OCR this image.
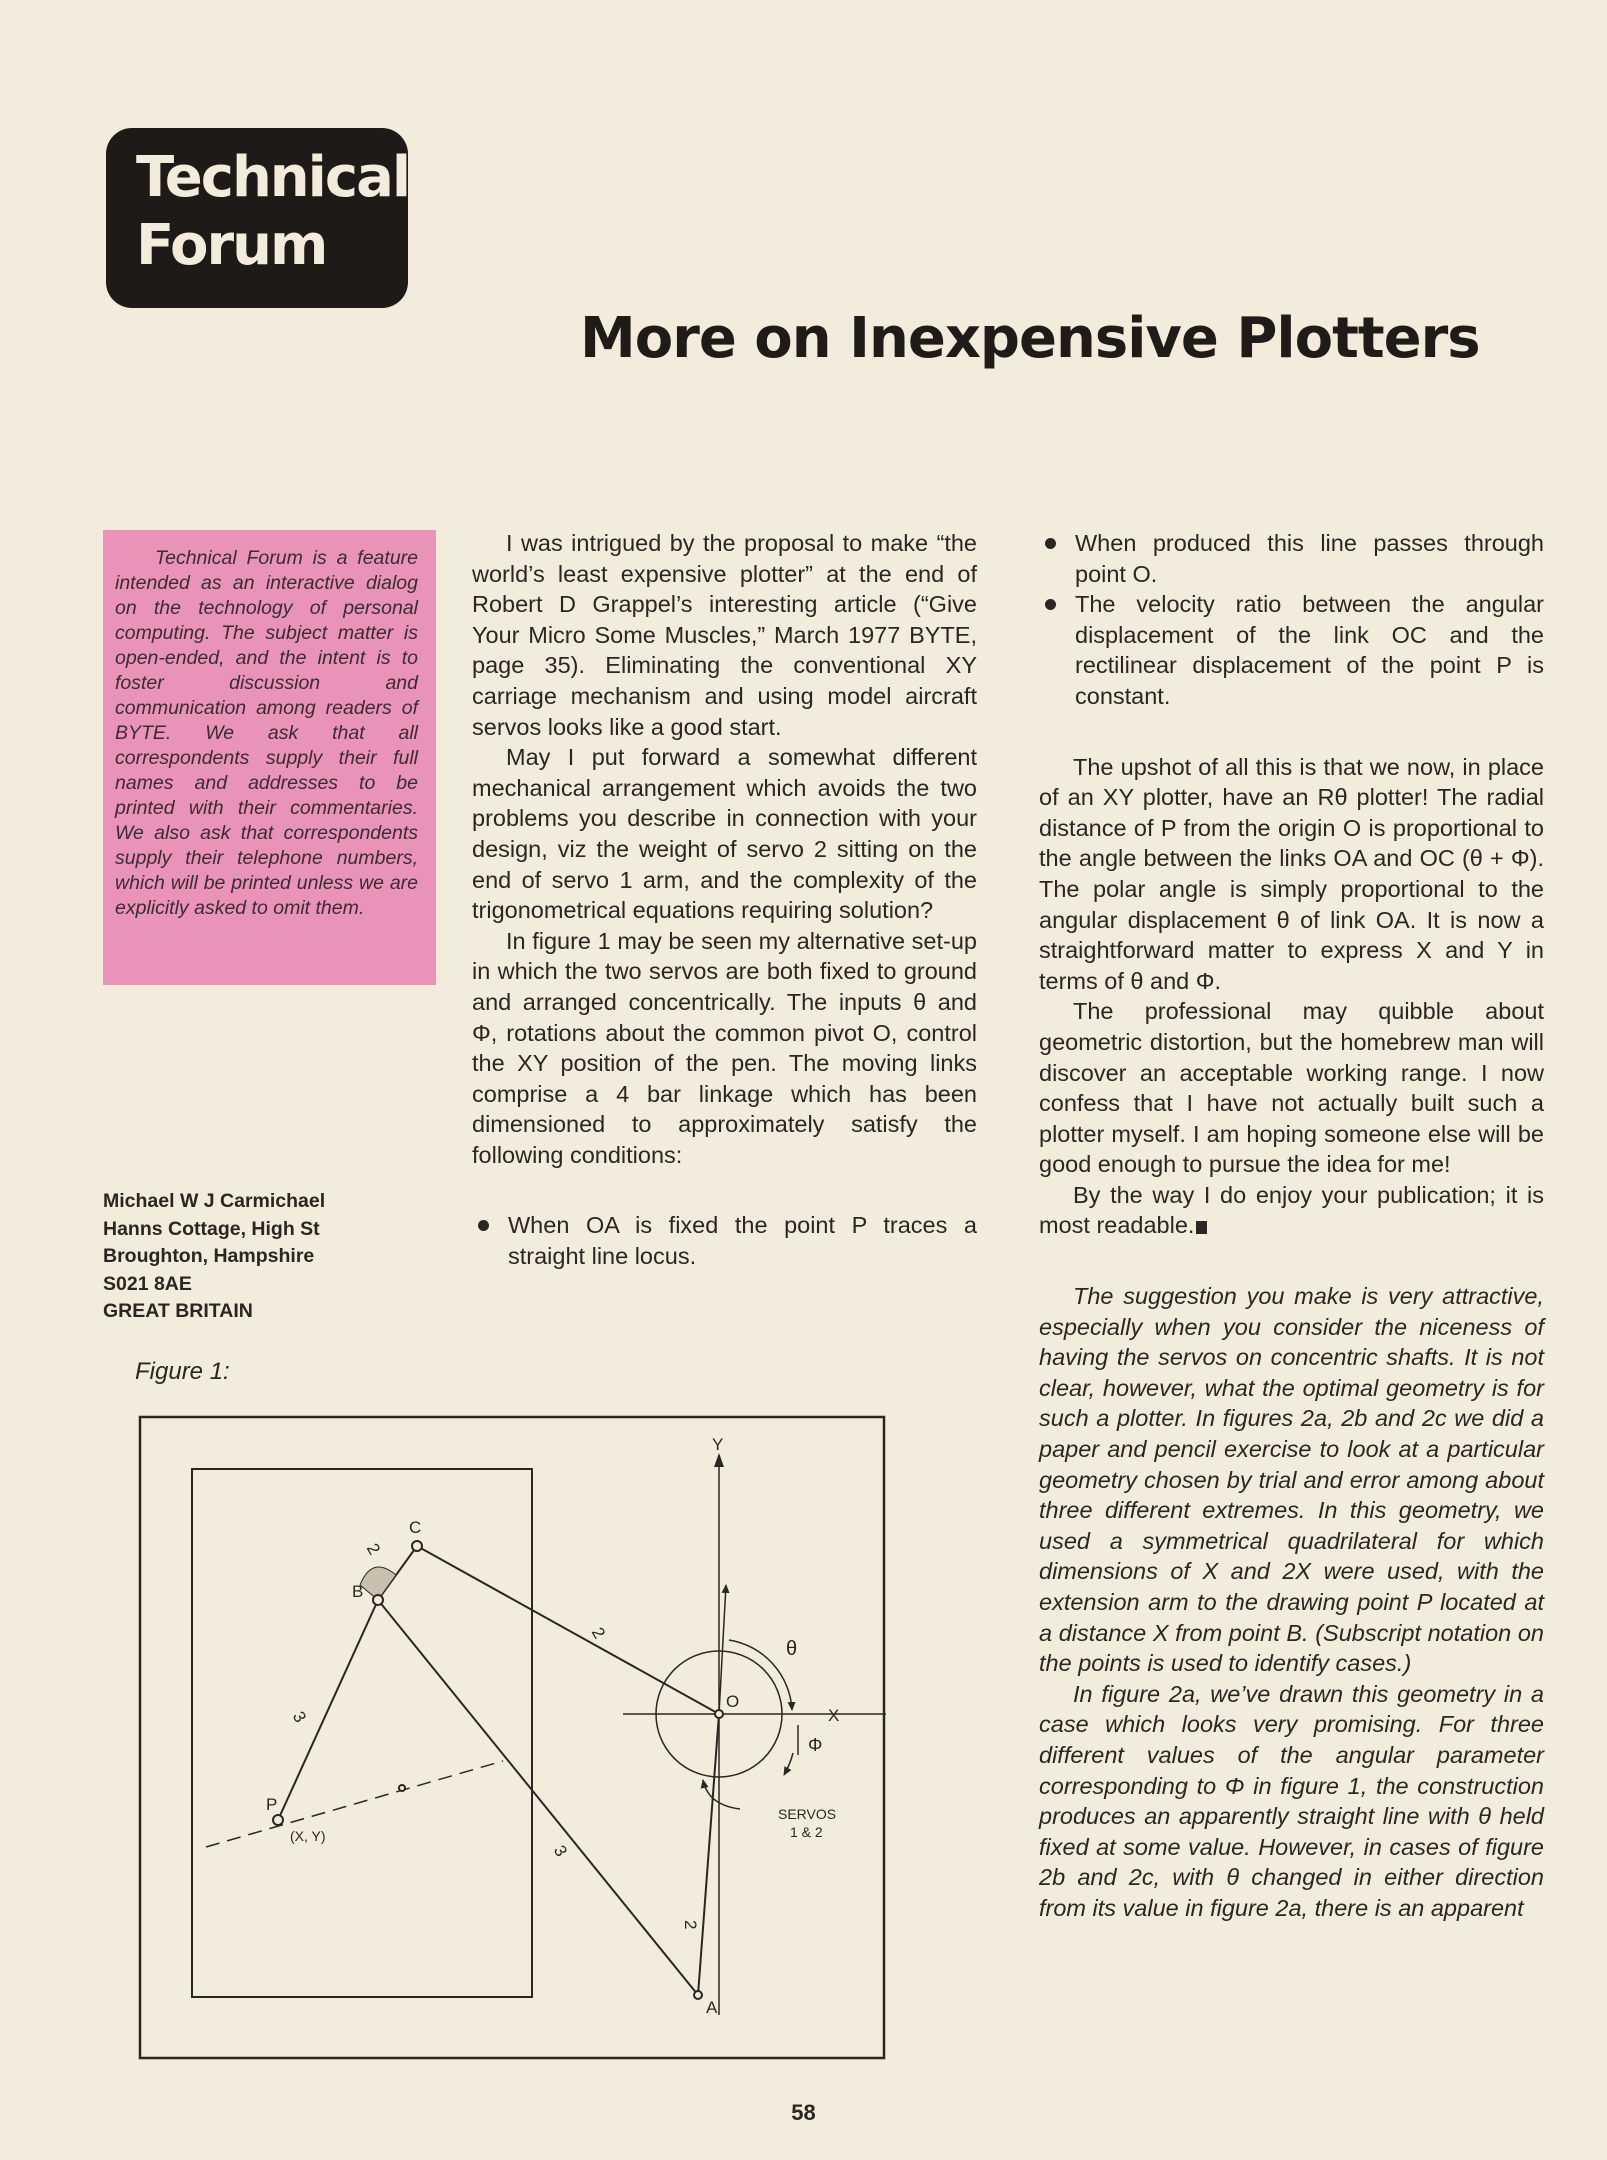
Technical
Forum
More on Inexpensive Plotters

Technical Forum is a feature intended as an interactive dialog on the technology of personal computing. The subject matter is open-ended, and the intent is to foster discussion and communication among readers of BYTE. We ask that all correspondents supply their full names and addresses to be printed with their commentaries. We also ask that correspondents supply their telephone numbers, which will be printed unless we are explicitly asked to omit them.

Michael W J Carmichael
Hanns Cottage, High St
Broughton, Hampshire
S021 8AE
GREAT BRITAIN
Figure 1:

I was intrigued by the proposal to make “the world’s least expensive plotter” at the end of Robert D Grappel’s interesting article (“Give Your Micro Some Muscles,” March 1977 BYTE, page 35). Eliminating the conventional XY carriage mechanism and using model aircraft servos looks like a good start.

May I put forward a somewhat different mechanical arrangement which avoids the two problems you describe in connection with your design, viz the weight of servo 2 sitting on the end of servo 1 arm, and the complexity of the trigonometrical equations requiring solution?

In figure 1 may be seen my alternative set-up in which the two servos are both fixed to ground and arranged concentrically. The inputs θ and Φ, rotations about the common pivot O, control the XY position of the pen. The moving links comprise a 4 bar linkage which has been dimensioned to approximately satisfy the following conditions:

When OA is fixed the point P traces a straight line locus.
When produced this line passes through point O.
The velocity ratio between the angular displacement of the link OC and the rectilinear displacement of the point P is constant.

The upshot of all this is that we now, in place of an XY plotter, have an Rθ plotter! The radial distance of P from the origin O is proportional to the angle between the links OA and OC (θ + Φ). The polar angle is simply proportional to the angular displacement θ of link OA. It is now a straightforward matter to express X and Y in terms of θ and Φ.

The professional may quibble about geometric distortion, but the homebrew man will discover an acceptable working range. I now confess that I have not actually built such a plotter myself. I am hoping someone else will be good enough to pursue the idea for me!

By the way I do enjoy your publication; it is most readable.

The suggestion you make is very attractive, especially when you consider the niceness of having the servos on concentric shafts. It is not clear, however, what the optimal geometry is for such a plotter. In figures 2a, 2b and 2c we did a paper and pencil exercise to look at a particular geometry chosen by trial and error among about three different extremes. In this geometry, we used a symmetrical quadrilateral for which dimensions of X and 2X were used, with the extension arm to the drawing point P located at a distance X from point B. (Subscript notation on the points is used to identify cases.)

In figure 2a, we’ve drawn this geometry in a case which looks very promising. For three different values of the angular parameter corresponding to Φ in figure 1, the construction produces an apparently straight line with θ held fixed at some value. However, in cases of figure 2b and 2c, with θ changed in either direction from its value in figure 2a, there is an apparent

Y
X
C
B
O
A
P
(X, Y)
θ
Φ
SERVOS
1 & 2
2
2
3
3
2
58
